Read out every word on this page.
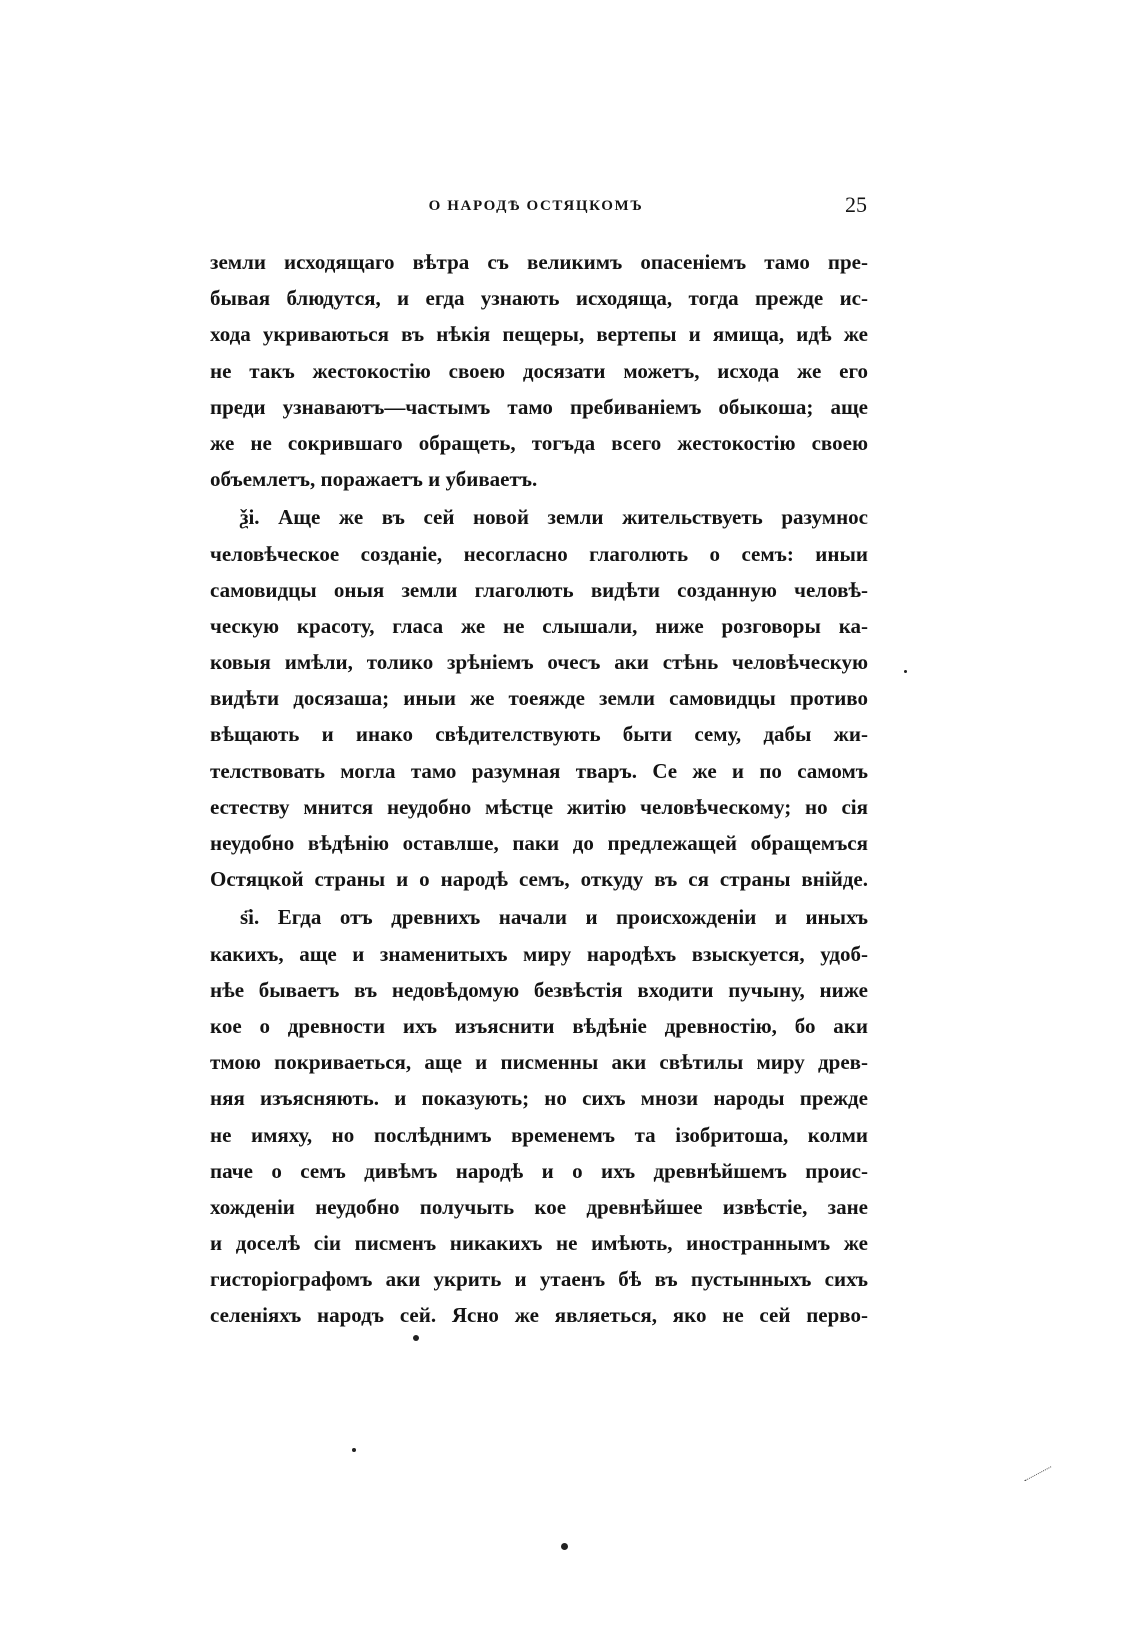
О НАРОДѢ ОСТЯЦКОМЪ	25
земли исходящаго вѣтра съ великимъ опасеніемъ тамо пре-
бывая блюдутся, и егда узнають исходяща, тогда прежде ис-
хода укриваються въ нѣкія пещеры, вертепы и ямища, идѣ же
не такъ жестокостію своею досязати можетъ, исхода же его
преди узнаваютъ—частымъ тамо пребиваніемъ обыкоша; аще
же не сокрившаго обращеть, тогъда всего жестокостію своею
объемлетъ, поражаетъ и убиваетъ.
ѯі. Аще же въ сей новой земли жительствуеть разумнос
человѣческое созданіе, несогласно глаголють о семъ: иныи
самовидцы оныя земли глаголють видѣти созданную человѣ-
ческую красоту, гласа же не слышали, ниже розговоры ка-
ковыя имѣли, толико зрѣніемъ очесъ аки стѣнь человѣческую
видѣти досязаша; иныи же тоеяжде земли самовидцы противо
вѣщають и инако свѣдителствують быти сему, дабы жи-
телствовать могла тамо разумная тваръ. Се же и по самомъ
естеству мнится неудобно мѣстце житію человѣческому; но сія
неудобно вѣдѣнію оставлше, паки до предлежащей обращемъся
Остяцкой страны и о народѣ семъ, откуду въ ся страны внійде.
ѕ҃і. Егда отъ древнихъ начали и происхожденіи и иныхъ
какихъ, аще и знаменитыхъ миру народѣхъ взыскуется, удоб-
нѣе бываетъ въ недовѣдомую безвѣстія входити пучыну, ниже
кое о древности ихъ изъяснити вѣдѣніе древностію, бо аки
тмою покриваеться, аще и писменны аки свѣтилы миру древ-
няя изъясняють. и показують; но сихъ мнози народы прежде
не имяху, но послѣднимъ временемъ та ізобритоша, колми
паче о семъ дивѣмъ народѣ и о ихъ древнѣйшемъ проис-
хожденіи неудобно получыть кое древнѣйшее извѣстіе, зане
и доселѣ сіи писменъ никакихъ не имѣють, иностраннымъ же
гисторіографомъ аки укрить и утаенъ бѣ въ пустынныхъ сихъ
селеніяхъ народъ сей. Ясно же являеться, яко не сей перво-
